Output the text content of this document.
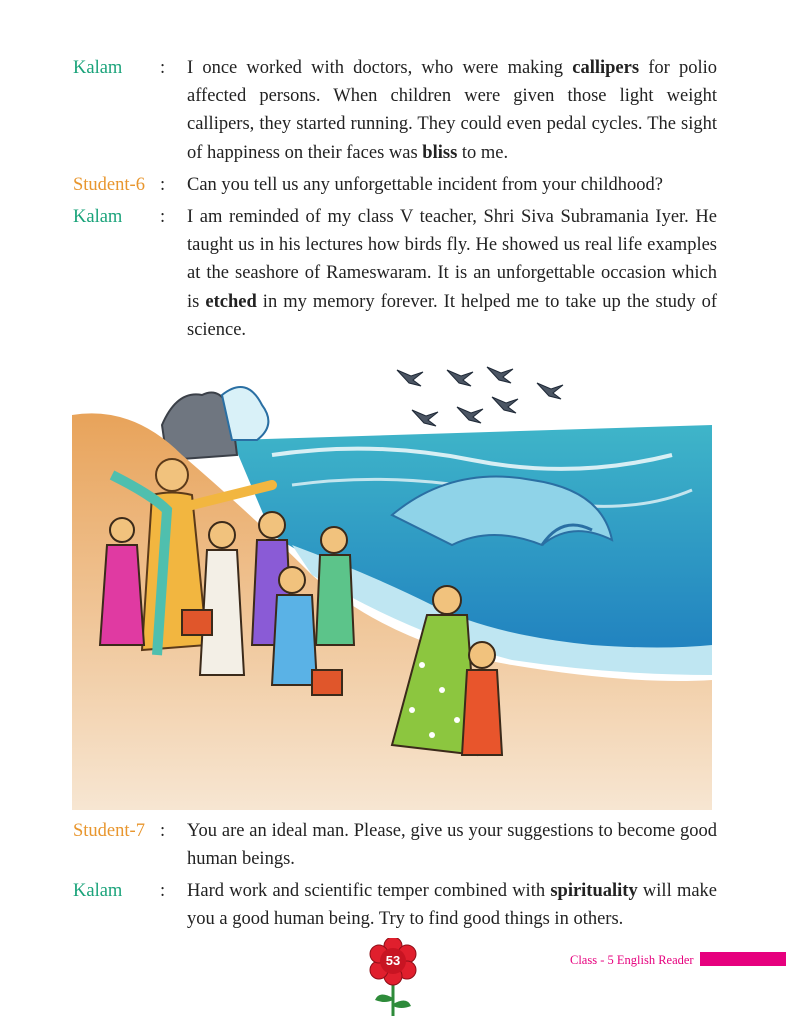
Kalam : I once worked with doctors, who were making callipers for polio affected persons. When children were given those light weight callipers, they started running. They could even pedal cycles. The sight of happiness on their faces was bliss to me.
Student-6 : Can you tell us any unforgettable incident from your childhood?
Kalam : I am reminded of my class V teacher, Shri Siva Subramania Iyer. He taught us in his lectures how birds fly. He showed us real life examples at the seashore of Rameswaram. It is an unforgettable occasion which is etched in my memory forever. It helped me to take up the study of science.
Student-7 : You are an ideal man. Please, give us your suggestions to become good human beings.
Kalam : Hard work and scientific temper combined with spirituality will make you a good human being. Try to find good things in others.
Class - 5 English Reader
53
